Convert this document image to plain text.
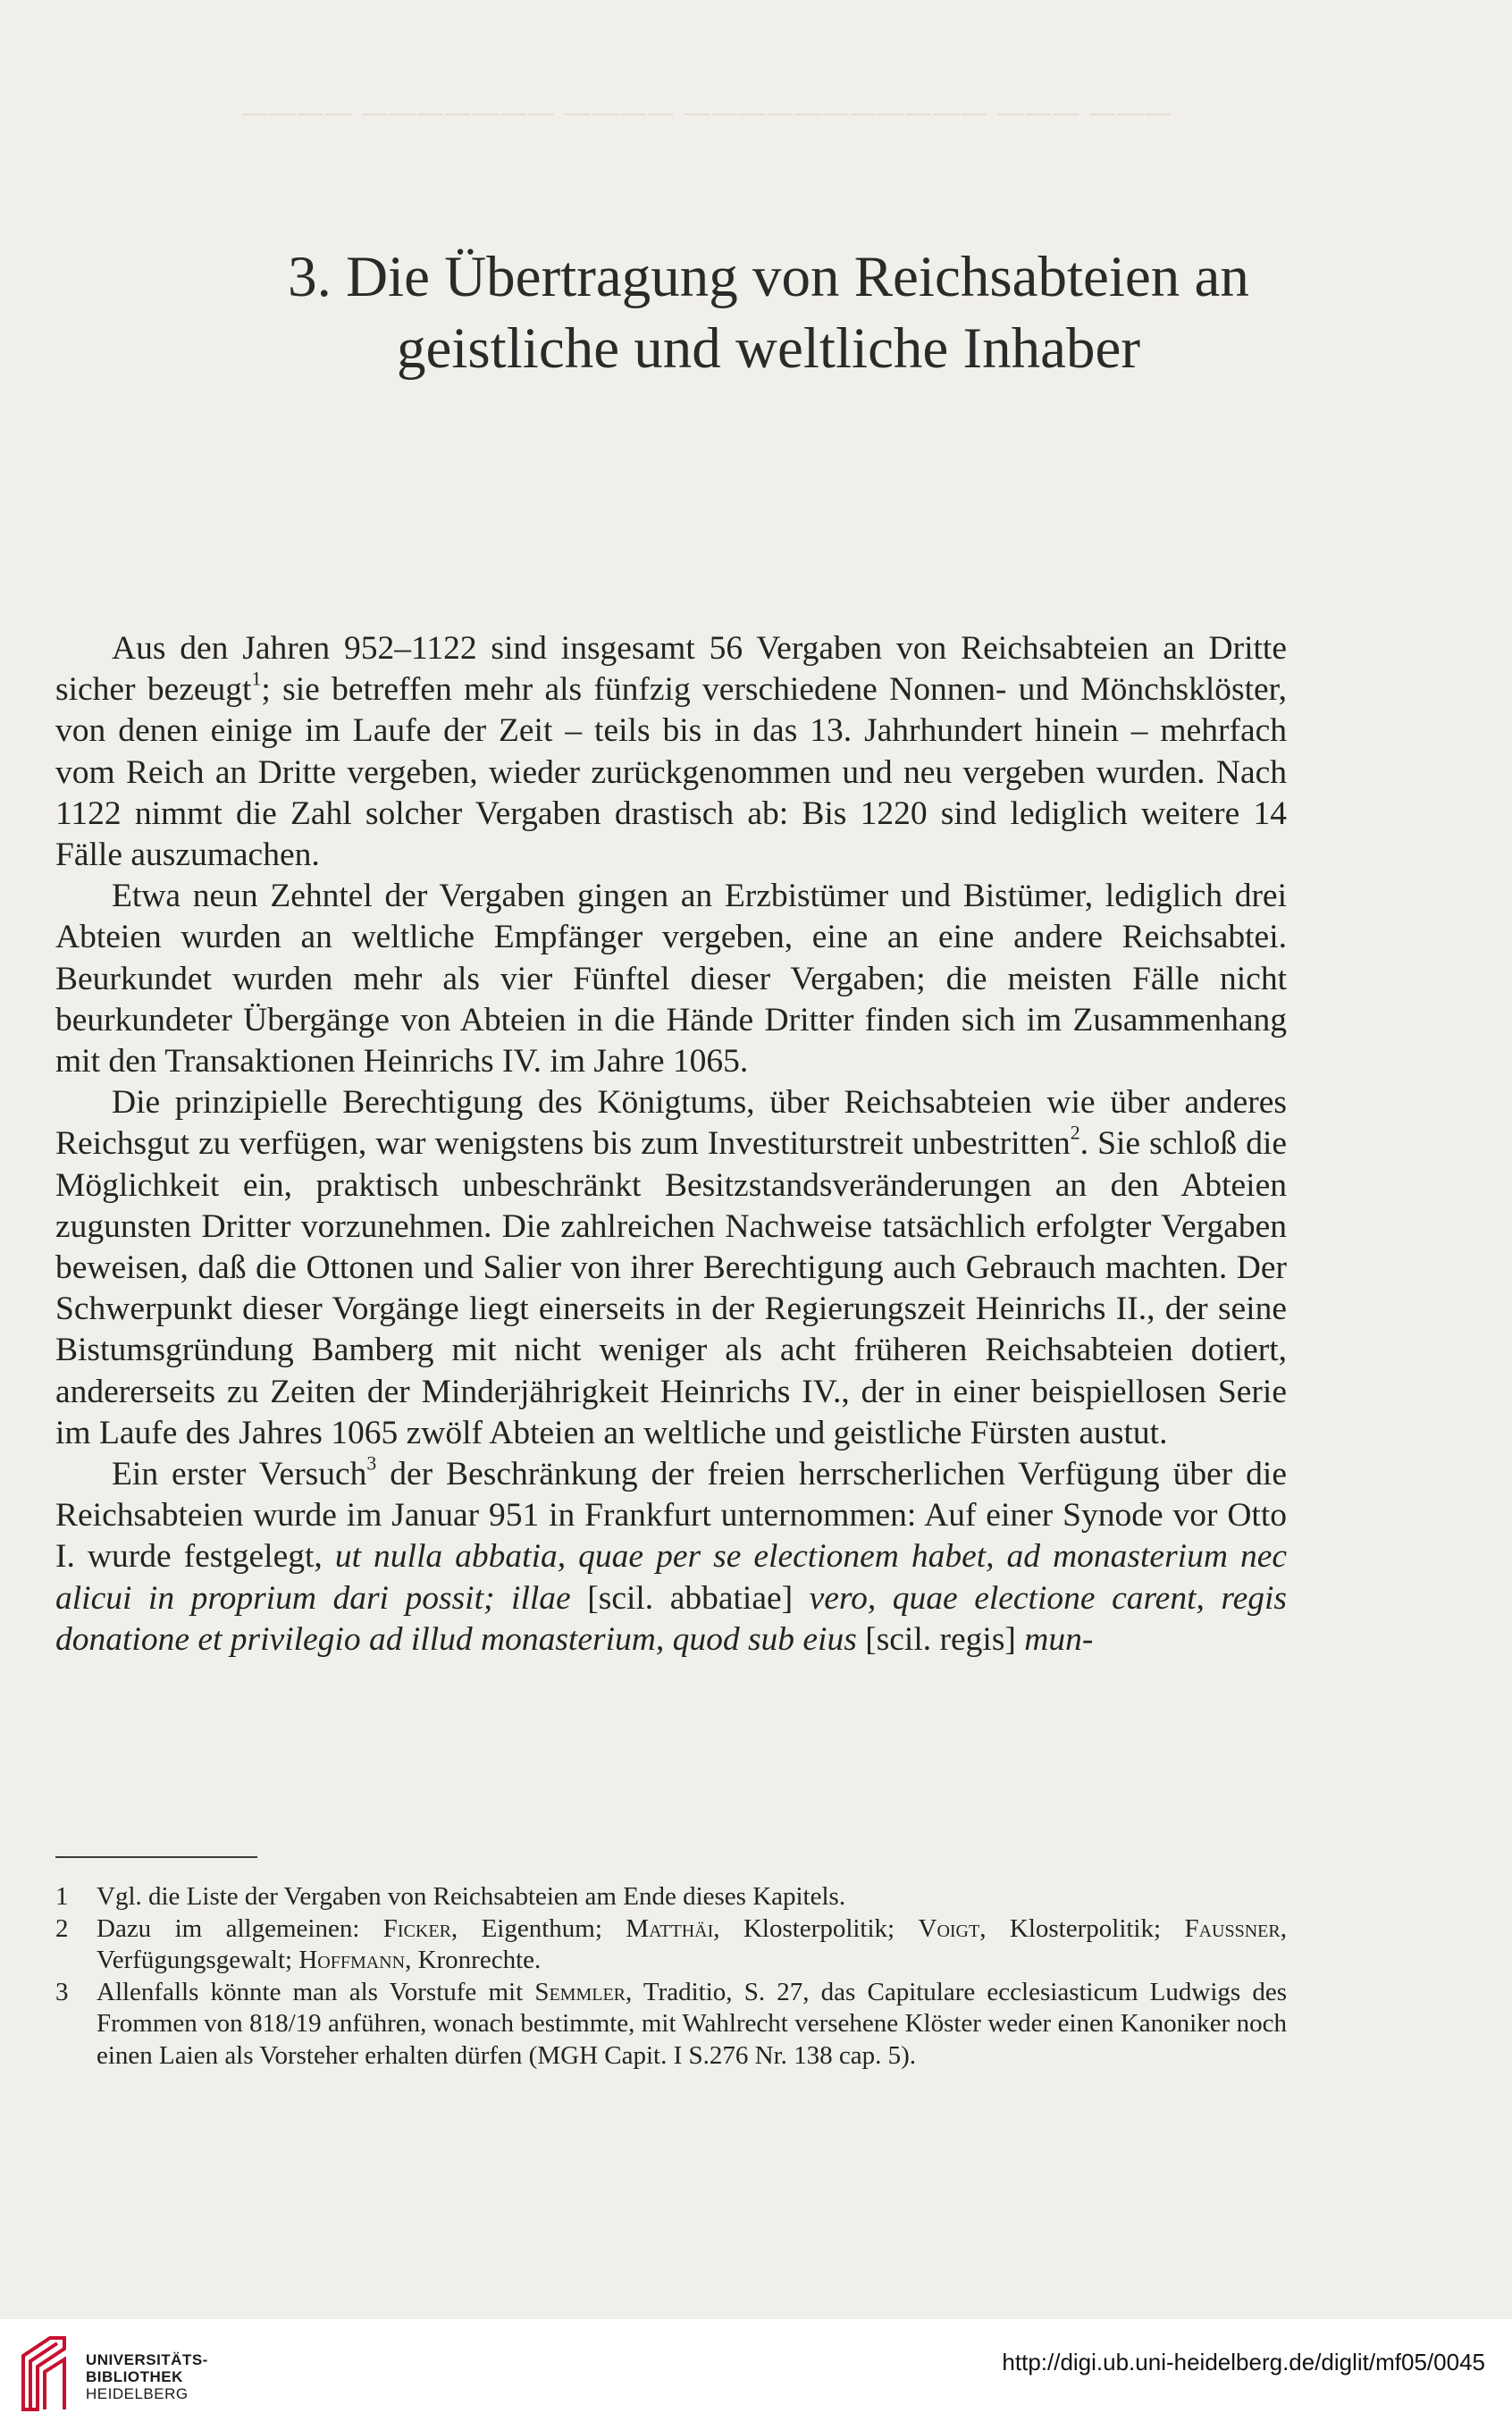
———— ——————— ———— ——————————— ——— ———
3. Die Übertragung von Reichsabteien an
geistliche und weltliche Inhaber

Aus den Jahren 952–1122 sind insgesamt 56 Vergaben von Reichsabteien an Dritte sicher bezeugt$^1$; sie betreffen mehr als fünfzig verschiedene Nonnen- und Mönchsklöster, von denen einige im Laufe der Zeit – teils bis in das 13. Jahrhundert hinein – mehrfach vom Reich an Dritte vergeben, wieder zurückgenommen und neu vergeben wurden. Nach 1122 nimmt die Zahl solcher Vergaben drastisch ab: Bis 1220 sind lediglich weitere 14 Fälle auszumachen.

Etwa neun Zehntel der Vergaben gingen an Erzbistümer und Bistümer, lediglich drei Abteien wurden an weltliche Empfänger vergeben, eine an eine andere Reichsabtei. Beurkundet wurden mehr als vier Fünftel dieser Vergaben; die meisten Fälle nicht beurkundeter Übergänge von Abteien in die Hände Dritter finden sich im Zusammenhang mit den Transaktionen Heinrichs IV. im Jahre 1065.

Die prinzipielle Berechtigung des Königtums, über Reichsabteien wie über anderes Reichsgut zu verfügen, war wenigstens bis zum Investiturstreit unbestritten$^2$. Sie schloß die Möglichkeit ein, praktisch unbeschränkt Besitzstandsveränderungen an den Abteien zugunsten Dritter vorzunehmen. Die zahlreichen Nachweise tatsächlich erfolgter Vergaben beweisen, daß die Ottonen und Salier von ihrer Berechtigung auch Gebrauch machten. Der Schwerpunkt dieser Vorgänge liegt einerseits in der Regierungszeit Heinrichs II., der seine Bistumsgründung Bamberg mit nicht weniger als acht früheren Reichsabteien dotiert, andererseits zu Zeiten der Minderjährigkeit Heinrichs IV., der in einer beispiellosen Serie im Laufe des Jahres 1065 zwölf Abteien an weltliche und geistliche Fürsten austut.

Ein erster Versuch$^3$ der Beschränkung der freien herrscherlichen Verfügung über die Reichsabteien wurde im Januar 951 in Frankfurt unternommen: Auf einer Synode vor Otto I. wurde festgelegt, ut nulla abbatia, quae per se electionem habet, ad monasterium nec alicui in proprium dari possit; illae [scil. abbatiae] vero, quae electione carent, regis donatione et privilegio ad illud monasterium, quod sub eius [scil. regis] mun-

1	Vgl. die Liste der Vergaben von Reichsabteien am Ende dieses Kapitels.
2	Dazu im allgemeinen: Ficker, Eigenthum; Matthäi, Klosterpolitik; Voigt, Klosterpolitik; Faussner, Verfügungsgewalt; Hoffmann, Kronrechte.
3	Allenfalls könnte man als Vorstufe mit Semmler, Traditio, S. 27, das Capitulare ecclesiasticum Ludwigs des Frommen von 818/19 anführen, wonach bestimmte, mit Wahlrecht versehene Klöster weder einen Kanoniker noch einen Laien als Vorsteher erhalten dürfen (MGH Capit. I S.276 Nr. 138 cap. 5).
UNIVERSITÄTS-
BIBLIOTHEK
HEIDELBERG
http://digi.ub.uni-heidelberg.de/diglit/mf05/0045
